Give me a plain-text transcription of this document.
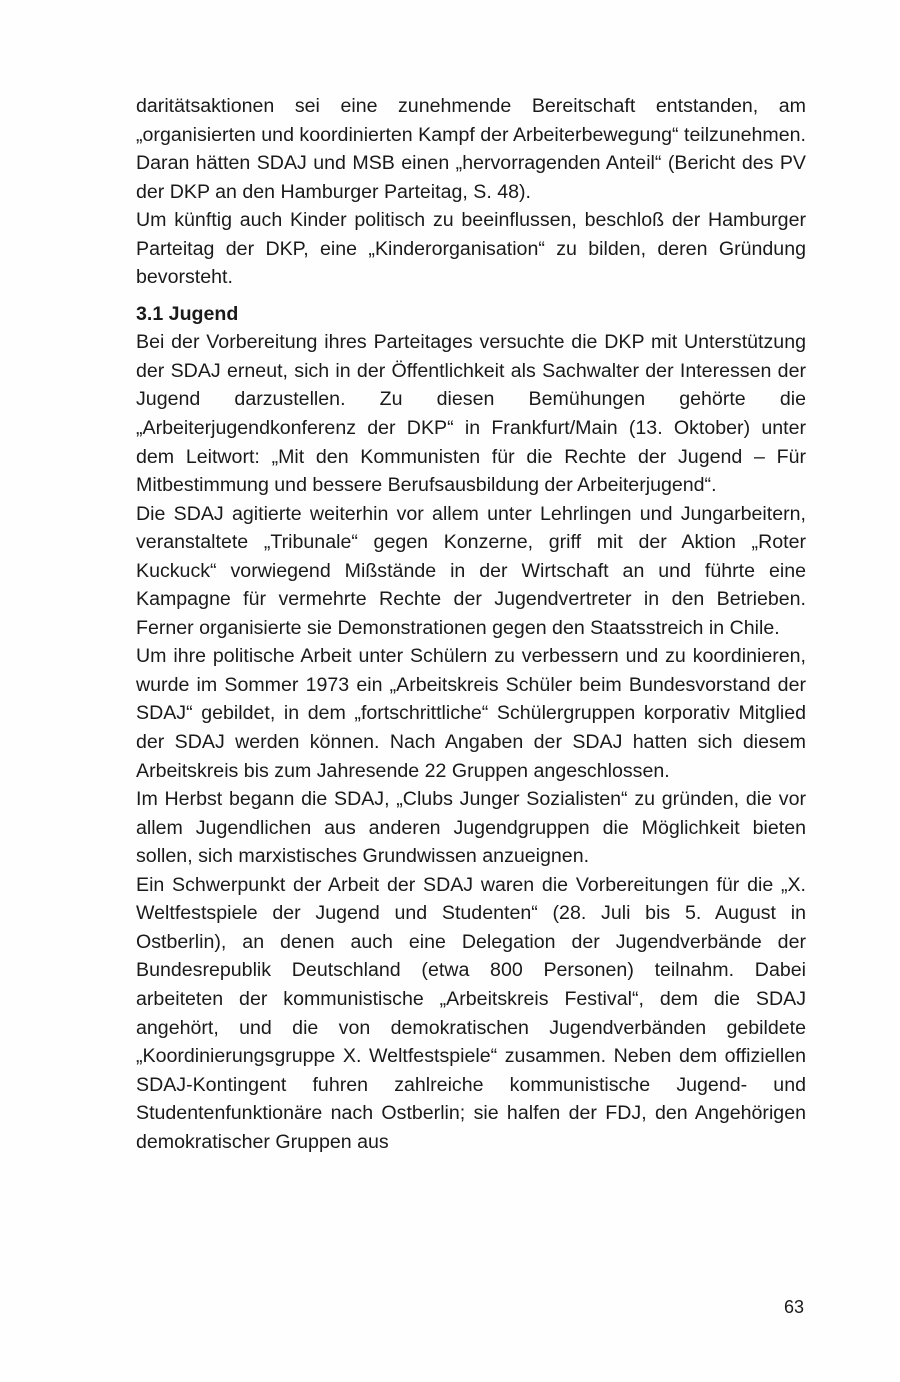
daritätsaktionen sei eine zunehmende Bereitschaft entstanden, am „organisierten und koordinierten Kampf der Arbeiterbewegung“ teilzunehmen. Daran hätten SDAJ und MSB einen „hervorragenden Anteil“ (Bericht des PV der DKP an den Hamburger Parteitag, S. 48).

Um künftig auch Kinder politisch zu beeinflussen, beschloß der Hamburger Parteitag der DKP, eine „Kinderorganisation“ zu bilden, deren Gründung bevorsteht.

3.1 Jugend

Bei der Vorbereitung ihres Parteitages versuchte die DKP mit Unterstützung der SDAJ erneut, sich in der Öffentlichkeit als Sachwalter der Interessen der Jugend darzustellen. Zu diesen Bemühungen gehörte die „Arbeiterjugendkonferenz der DKP“ in Frankfurt/Main (13. Oktober) unter dem Leitwort: „Mit den Kommunisten für die Rechte der Jugend – Für Mitbestimmung und bessere Berufsausbildung der Arbeiterjugend“.

Die SDAJ agitierte weiterhin vor allem unter Lehrlingen und Jungarbeitern, veranstaltete „Tribunale“ gegen Konzerne, griff mit der Aktion „Roter Kuckuck“ vorwiegend Mißstände in der Wirtschaft an und führte eine Kampagne für vermehrte Rechte der Jugendvertreter in den Betrieben. Ferner organisierte sie Demonstrationen gegen den Staatsstreich in Chile.

Um ihre politische Arbeit unter Schülern zu verbessern und zu koordinieren, wurde im Sommer 1973 ein „Arbeitskreis Schüler beim Bundesvorstand der SDAJ“ gebildet, in dem „fortschrittliche“ Schülergruppen korporativ Mitglied der SDAJ werden können. Nach Angaben der SDAJ hatten sich diesem Arbeitskreis bis zum Jahresende 22 Gruppen angeschlossen.

Im Herbst begann die SDAJ, „Clubs Junger Sozialisten“ zu gründen, die vor allem Jugendlichen aus anderen Jugendgruppen die Möglichkeit bieten sollen, sich marxistisches Grundwissen anzueignen.

Ein Schwerpunkt der Arbeit der SDAJ waren die Vorbereitungen für die „X. Weltfestspiele der Jugend und Studenten“ (28. Juli bis 5. August in Ostberlin), an denen auch eine Delegation der Jugendverbände der Bundesrepublik Deutschland (etwa 800 Personen) teilnahm. Dabei arbeiteten der kommunistische „Arbeitskreis Festival“, dem die SDAJ angehört, und die von demokratischen Jugendverbänden gebildete „Koordinierungsgruppe X. Weltfestspiele“ zusammen. Neben dem offiziellen SDAJ-Kontingent fuhren zahlreiche kommunistische Jugend- und Studentenfunktionäre nach Ostberlin; sie halfen der FDJ, den Angehörigen demokratischer Gruppen aus

63
